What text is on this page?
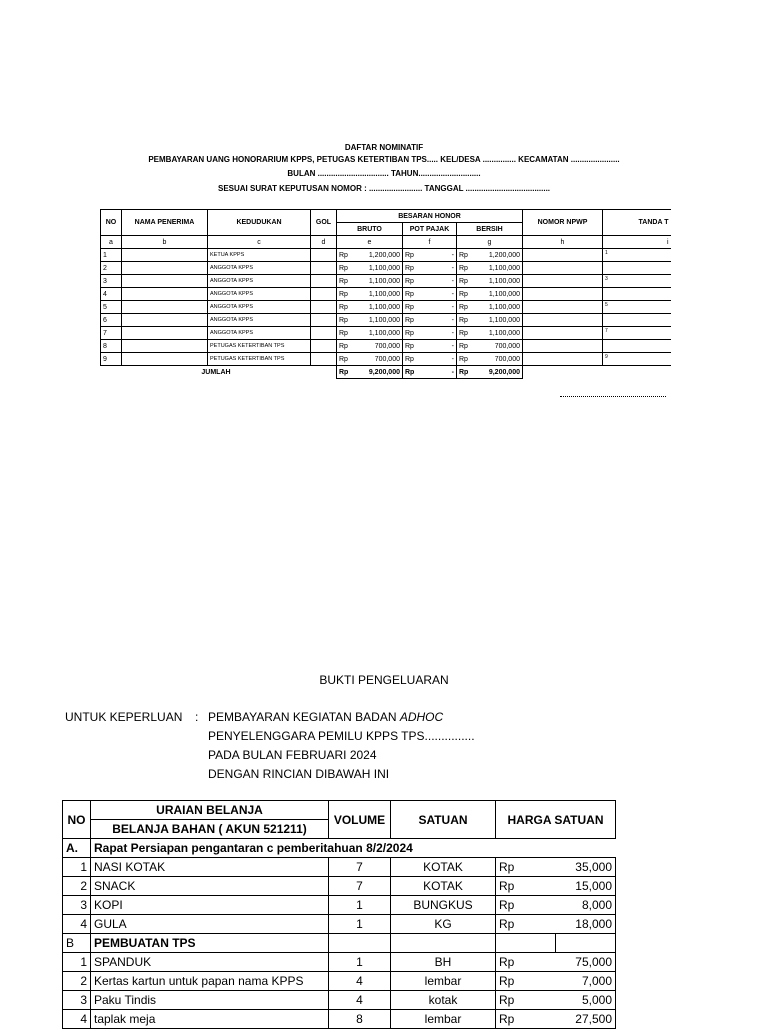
DAFTAR NOMINATIF
PEMBAYARAN UANG HONORARIUM KPPS, PETUGAS KETERTIBAN TPS..... KEL/DESA ............... KECAMATAN ......................
BULAN ................................ TAHUN............................
SESUAI SURAT KEPUTUSAN NOMOR : ........................ TANGGAL ......................................
NO	NAMA PENERIMA	KEDUDUKAN	GOL	BESARAN HONOR			NOMOR NPWP	TANDA T
				BRUTO	POT PAJAK	BERSIH		
a	b	c	d	e	f	g	h	i
1		KETUA KPPS		Rp 1,200,000	Rp -	Rp 1,200,000		1
2		ANGGOTA KPPS		Rp 1,100,000	Rp -	Rp 1,100,000		

3		ANGGOTA KPPS		Rp 1,100,000	Rp -	Rp 1,100,000		3
4		ANGGOTA KPPS		Rp 1,100,000	Rp -	Rp 1,100,000		

5		ANGGOTA KPPS		Rp 1,100,000	Rp -	Rp 1,100,000		5
6		ANGGOTA KPPS		Rp 1,100,000	Rp -	Rp 1,100,000		

7		ANGGOTA KPPS		Rp 1,100,000	Rp -	Rp 1,100,000		7
8		PETUGAS KETERTIBAN TPS		Rp 700,000	Rp -	Rp 700,000		

9		PETUGAS KETERTIBAN TPS		Rp 700,000	Rp -	Rp 700,000		9
	JUMLAH			Rp 9,200,000	Rp -	Rp 9,200,000		

BUKTI PENGELUARAN
UNTUK KEPERLUAN : PEMBAYARAN KEGIATAN BADAN ADHOC
PENYELENGGARA PEMILU KPPS TPS...............
PADA BULAN FEBRUARI 2024
DENGAN RINCIAN DIBAWAH INI
NO	URAIAN BELANJA	VOLUME	SATUAN	HARGA SATUAN	
	BELANJA BAHAN ( AKUN 521211)				
A.	Rapat Persiapan pengantaran c pemberitahuan 8/2/2024				
1	NASI KOTAK	7	KOTAK	Rp	35,000
2	SNACK	7	KOTAK	Rp	15,000
3	KOPI	1	BUNGKUS	Rp	8,000
4	GULA	1	KG	Rp	18,000
B	PEMBUATAN TPS				
1	SPANDUK	1	BH	Rp	75,000
2	Kertas kartun untuk papan nama KPPS	4	lembar	Rp	7,000
3	Paku Tindis	4	kotak	Rp	5,000
4	taplak meja	8	lembar	Rp	27,500
